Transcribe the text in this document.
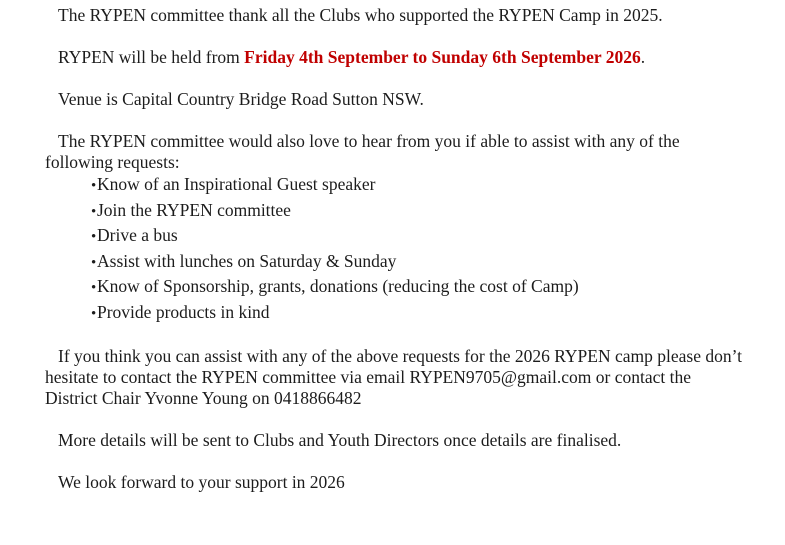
The RYPEN committee thank all the Clubs who supported the RYPEN Camp in 2025.

RYPEN will be held from Friday 4th September to Sunday 6th September 2026.

Venue is Capital Country Bridge Road Sutton NSW.

The RYPEN committee would also love to hear from you if able to assist with any of the following requests:

• Know of an Inspirational Guest speaker
• Join the RYPEN committee
• Drive a bus
• Assist with lunches on Saturday & Sunday
• Know of Sponsorship, grants, donations (reducing the cost of Camp)
• Provide products in kind

If you think you can assist with any of the above requests for the 2026 RYPEN camp please don’t hesitate to contact the RYPEN committee via email RYPEN9705@gmail.com or contact the District Chair Yvonne Young on 0418866482

More details will be sent to Clubs and Youth Directors once details are finalised.

We look forward to your support in 2026
